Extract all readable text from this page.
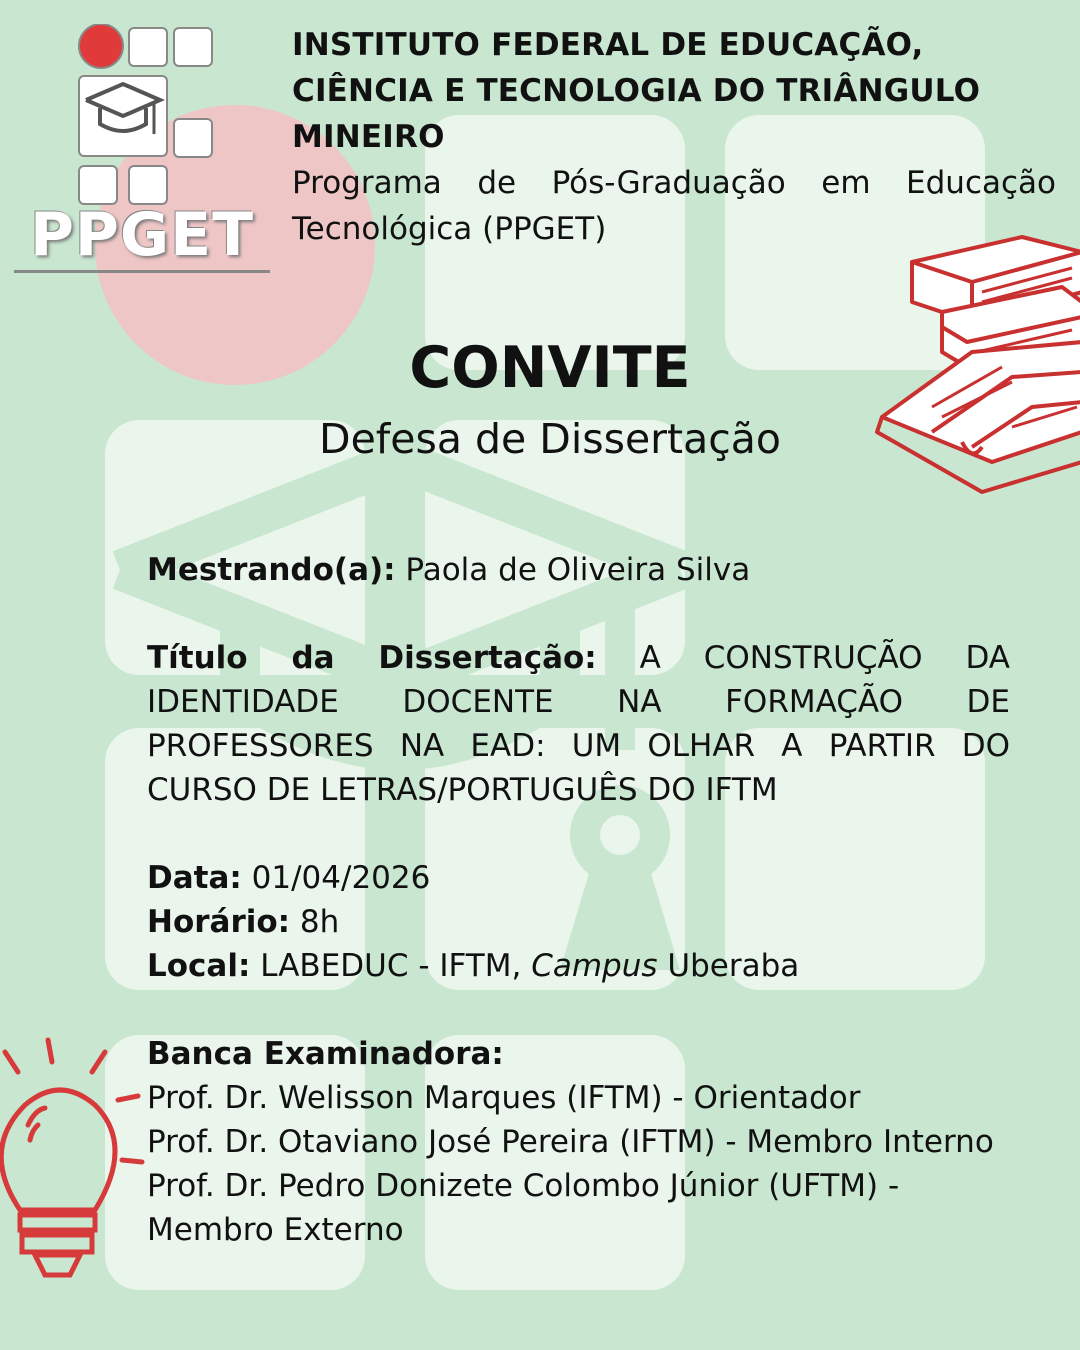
PPGET
INSTITUTO FEDERAL DE EDUCAÇÃO, CIÊNCIA E TECNOLOGIA DO TRIÂNGULO MINEIRO
Programa de Pós-Graduação em Educação Tecnológica (PPGET)
CONVITE
Defesa de Dissertação

Mestrando(a): Paola de Oliveira Silva

Título da Dissertação: A CONSTRUÇÃO DA IDENTIDADE DOCENTE NA FORMAÇÃO DE PROFESSORES NA EAD: UM OLHAR A PARTIR DO CURSO DE LETRAS/PORTUGUÊS DO IFTM

Data: 01/04/2026

Horário: 8h

Local: LABEDUC - IFTM, Campus Uberaba

Banca Examinadora:

Prof. Dr. Welisson Marques (IFTM) - Orientador

Prof. Dr. Otaviano José Pereira (IFTM) - Membro Interno

Prof. Dr. Pedro Donizete Colombo Júnior (UFTM) -

Membro Externo
